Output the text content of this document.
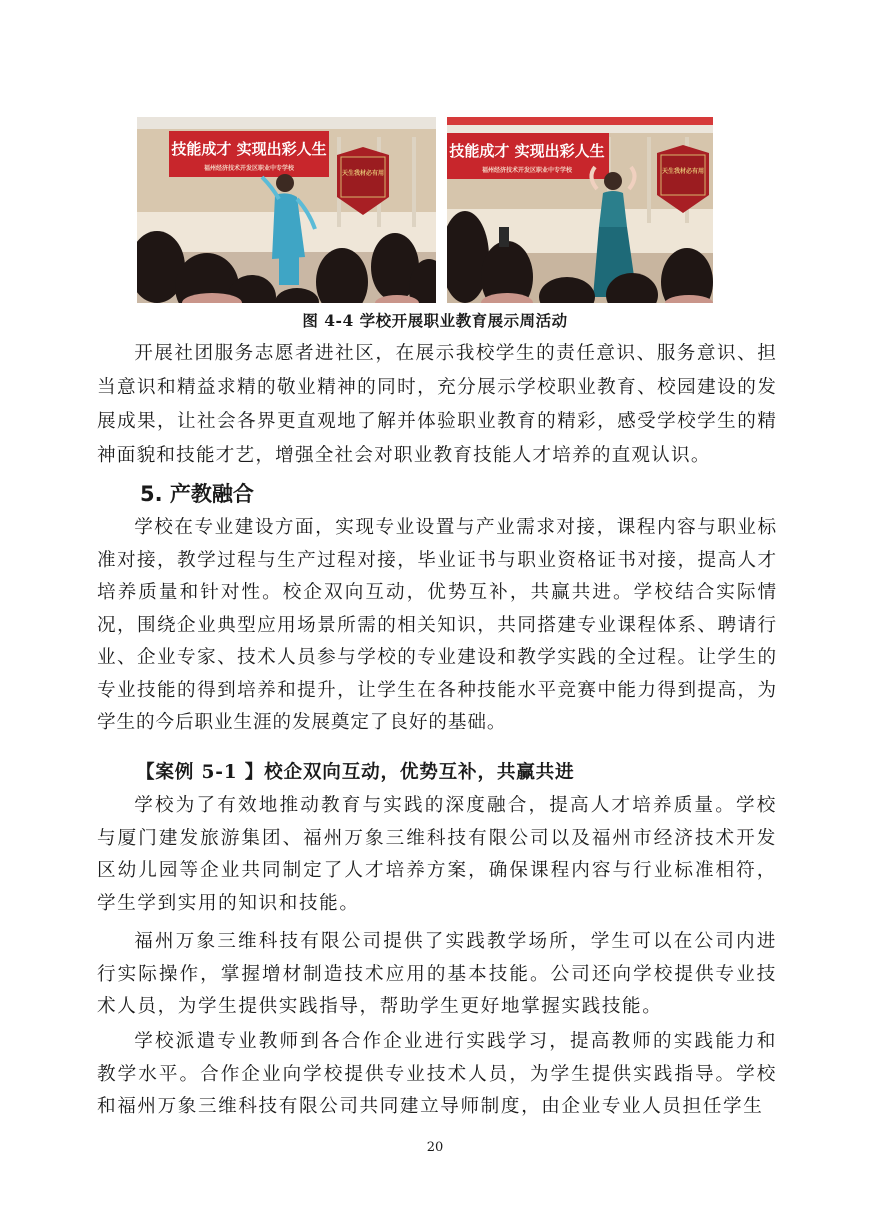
技能成才 实现出彩人生
福州经济技术开发区职业中专学校
天生我材必有用
技能成才 实现出彩人生
福州经济技术开发区职业中专学校	天生我材必有用
图 4-4 学校开展职业教育展示周活动

开展社团服务志愿者进社区，在展示我校学生的责任意识、服务意识、担当意识和精益求精的敬业精神的同时，充分展示学校职业教育、校园建设的发展成果，让社会各界更直观地了解并体验职业教育的精彩，感受学校学生的精神面貌和技能才艺，增强全社会对职业教育技能人才培养的直观认识。

5. 产教融合

学校在专业建设方面，实现专业设置与产业需求对接，课程内容与职业标准对接，教学过程与生产过程对接，毕业证书与职业资格证书对接，提高人才培养质量和针对性。校企双向互动，优势互补，共赢共进。学校结合实际情况，围绕企业典型应用场景所需的相关知识，共同搭建专业课程体系、聘请行业、企业专家、技术人员参与学校的专业建设和教学实践的全过程。让学生的专业技能的得到培养和提升，让学生在各种技能水平竞赛中能力得到提高，为学生的今后职业生涯的发展奠定了良好的基础。

【案例 5-1 】校企双向互动，优势互补，共赢共进

学校为了有效地推动教育与实践的深度融合，提高人才培养质量。学校与厦门建发旅游集团、福州万象三维科技有限公司以及福州市经济技术开发区幼儿园等企业共同制定了人才培养方案，确保课程内容与行业标准相符，学生学到实用的知识和技能。

福州万象三维科技有限公司提供了实践教学场所，学生可以在公司内进行实际操作，掌握增材制造技术应用的基本技能。公司还向学校提供专业技术人员，为学生提供实践指导，帮助学生更好地掌握实践技能。

学校派遣专业教师到各合作企业进行实践学习，提高教师的实践能力和教学水平。合作企业向学校提供专业技术人员，为学生提供实践指导。学校和福州万象三维科技有限公司共同建立导师制度，由企业专业人员担任学生

20
